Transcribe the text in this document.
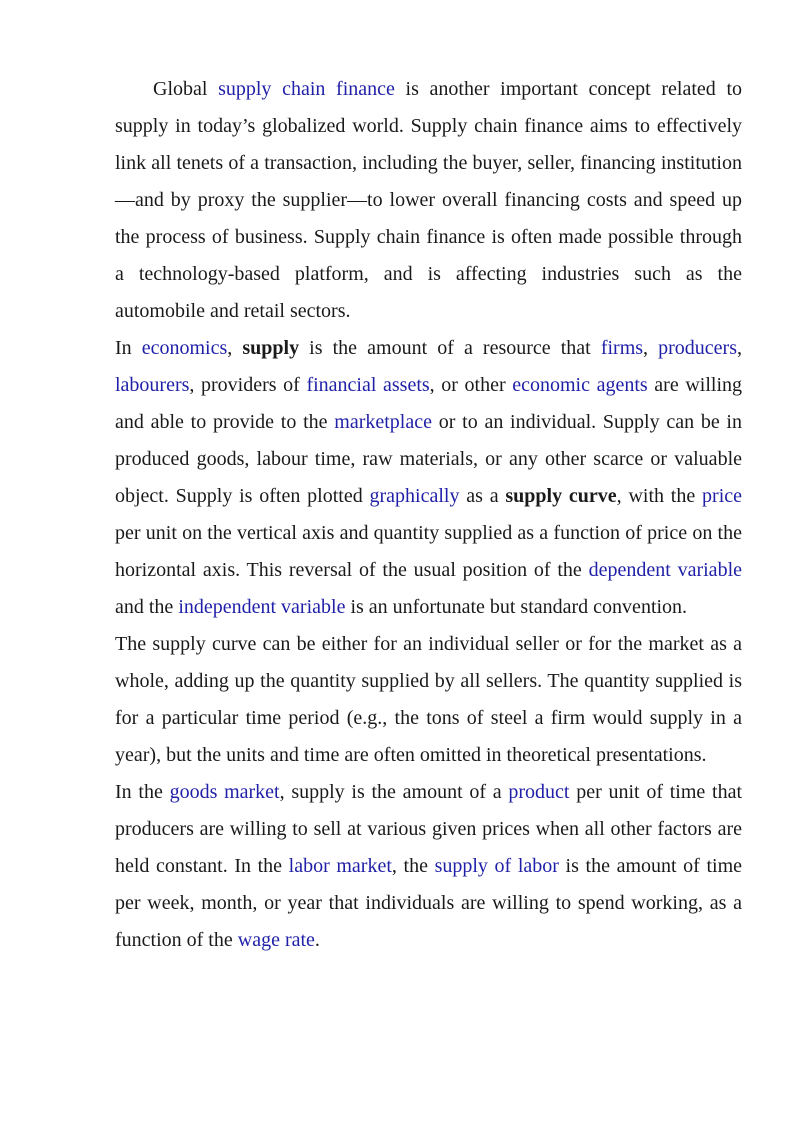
Global supply chain finance is another important concept related to supply in today’s globalized world. Supply chain finance aims to effectively link all tenets of a transaction, including the buyer, seller, financing institution—and by proxy the supplier—to lower overall financing costs and speed up the process of business. Supply chain finance is often made possible through a technology-based platform, and is affecting industries such as the automobile and retail sectors.

In economics, supply is the amount of a resource that firms, producers, labourers, providers of financial assets, or other economic agents are willing and able to provide to the marketplace or to an individual. Supply can be in produced goods, labour time, raw materials, or any other scarce or valuable object. Supply is often plotted graphically as a supply curve, with the price per unit on the vertical axis and quantity supplied as a function of price on the horizontal axis. This reversal of the usual position of the dependent variable and the independent variable is an unfortunate but standard convention.

The supply curve can be either for an individual seller or for the market as a whole, adding up the quantity supplied by all sellers. The quantity supplied is for a particular time period (e.g., the tons of steel a firm would supply in a year), but the units and time are often omitted in theoretical presentations.

In the goods market, supply is the amount of a product per unit of time that producers are willing to sell at various given prices when all other factors are held constant. In the labor market, the supply of labor is the amount of time per week, month, or year that individuals are willing to spend working, as a function of the wage rate.
